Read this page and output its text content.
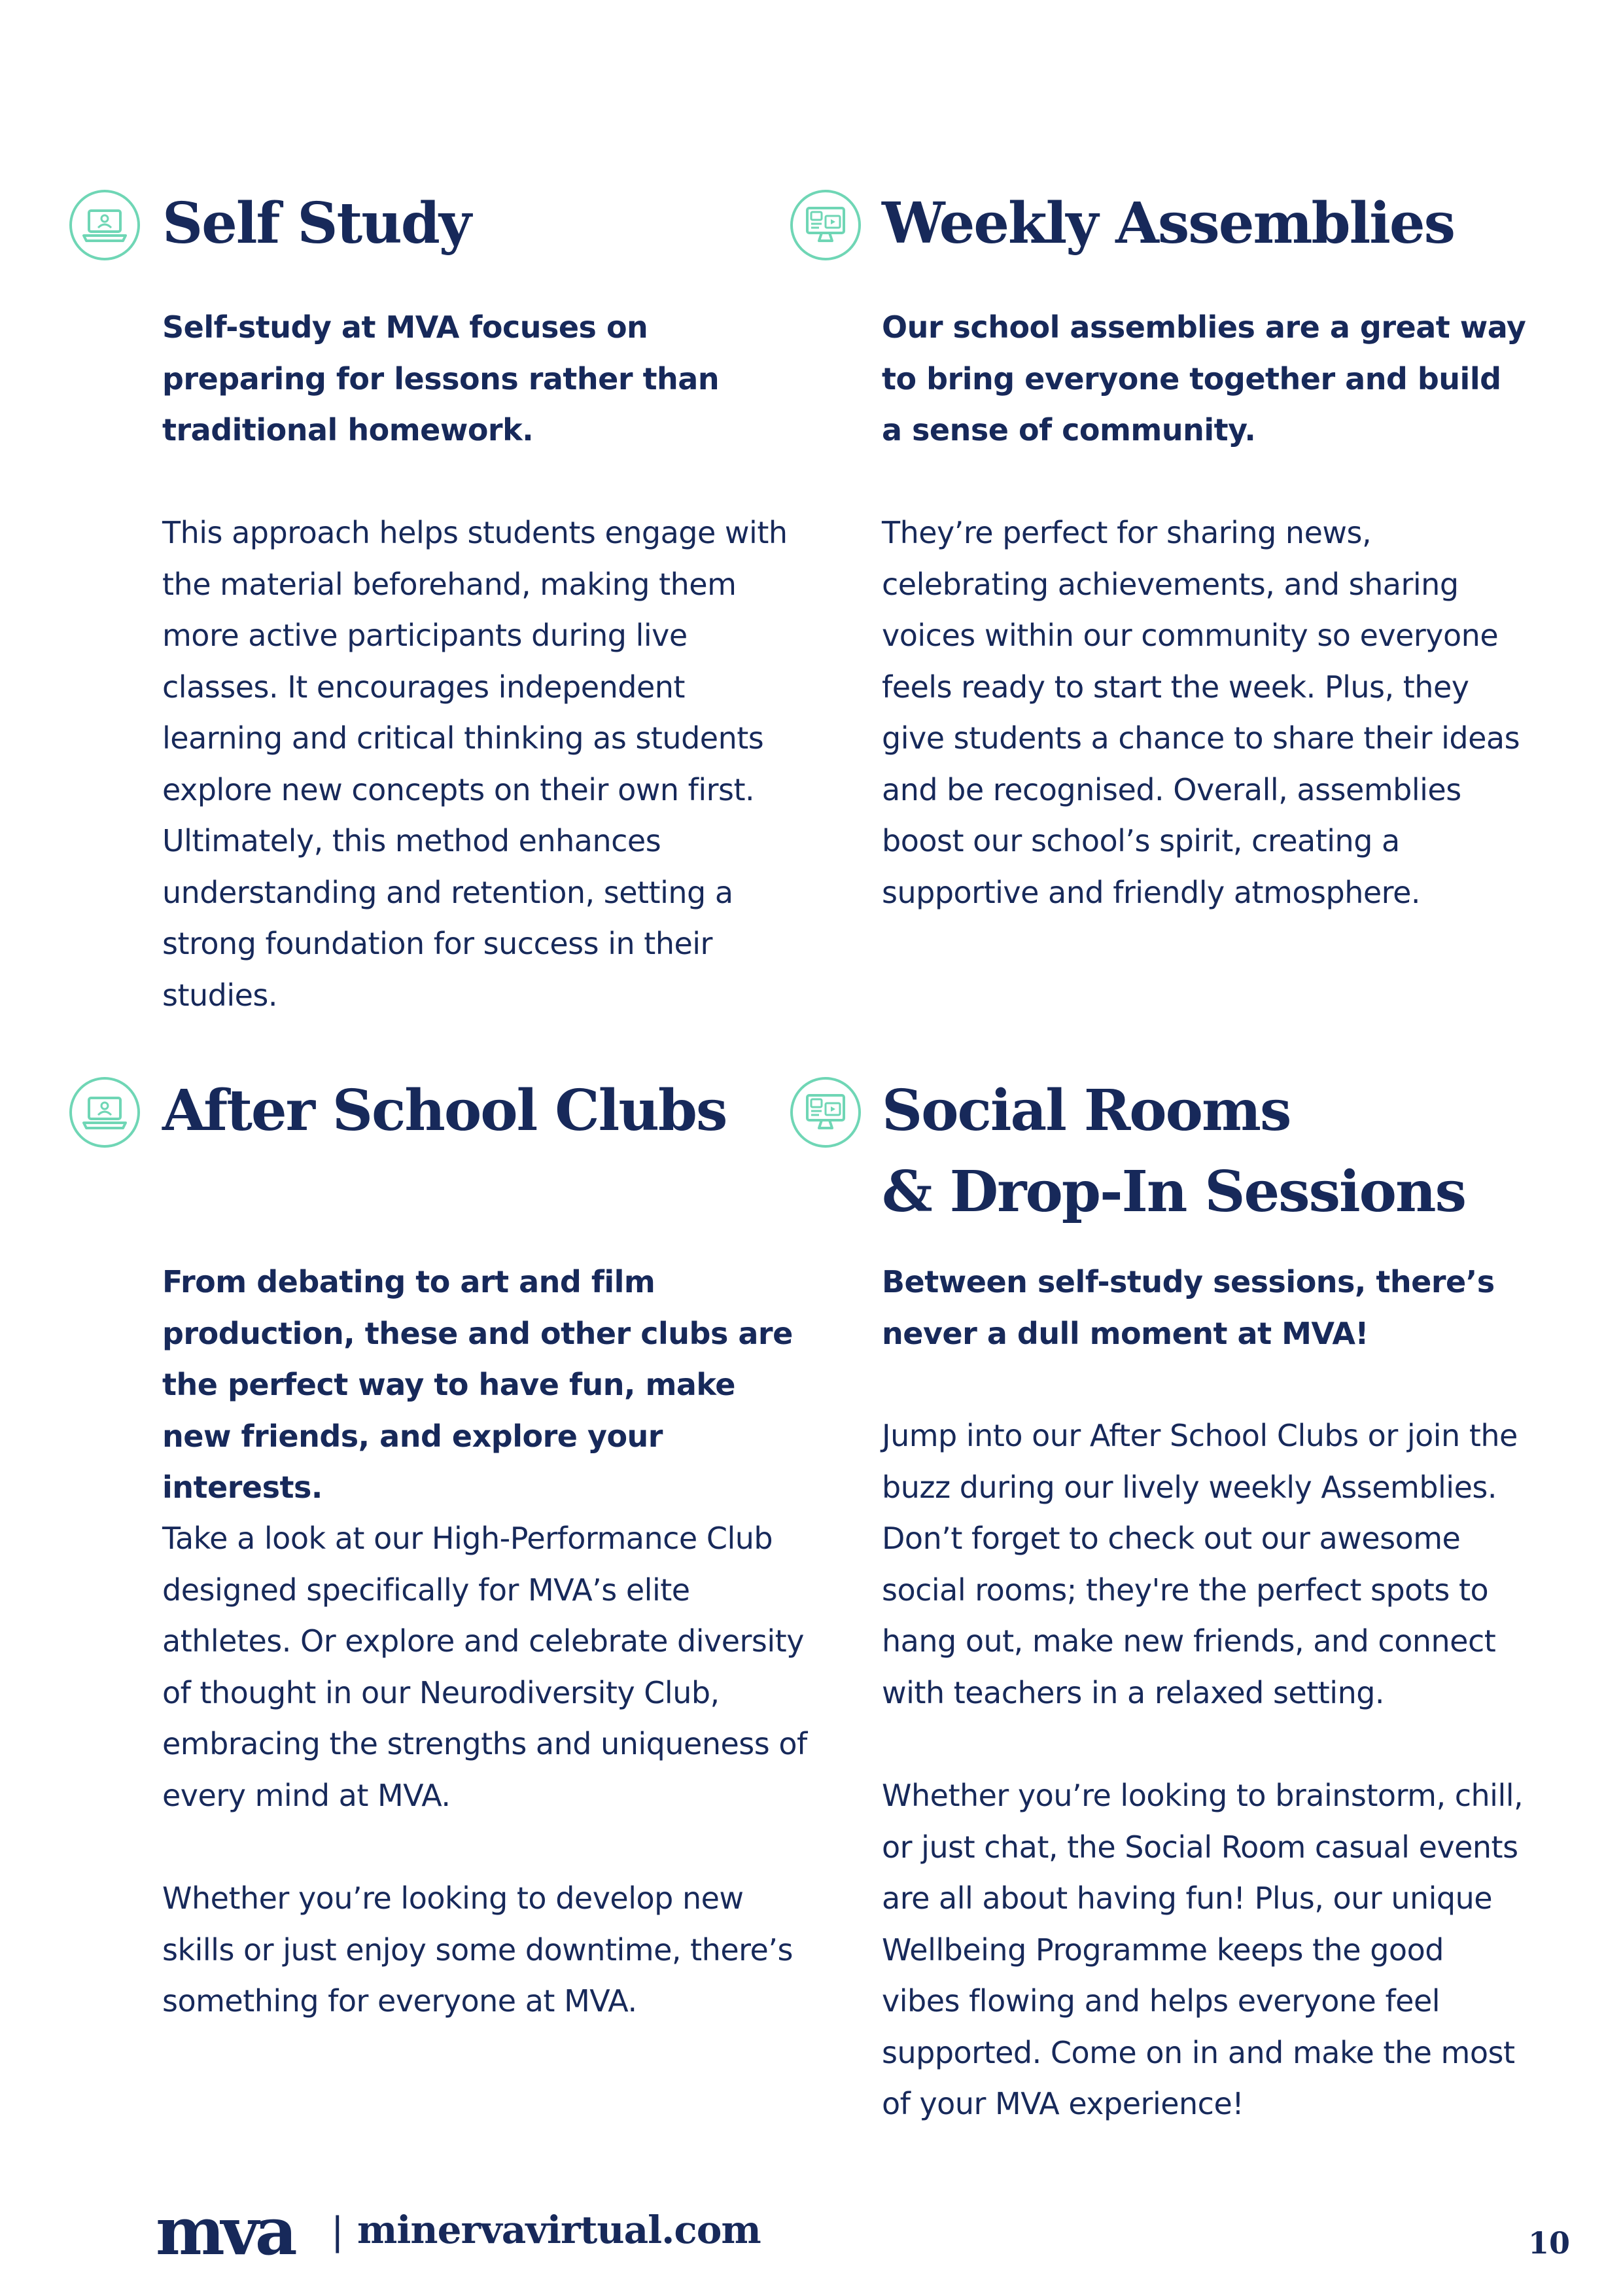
Self Study

Self-study at MVA focuses on preparing for lessons rather than traditional homework.

This approach helps students engage with the material beforehand, making them more active participants during live classes. It encourages independent learning and critical thinking as students explore new concepts on their own first. Ultimately, this method enhances understanding and retention, setting a strong foundation for success in their studies.

Weekly Assemblies

Our school assemblies are a great way to bring everyone together and build a sense of community.

They’re perfect for sharing news, celebrating achievements, and sharing voices within our community so everyone feels ready to start the week. Plus, they give students a chance to share their ideas and be recognised. Overall, assemblies boost our school’s spirit, creating a supportive and friendly atmosphere.

After School Clubs

From debating to art and film production, these and other clubs are the perfect way to have fun, make new friends, and explore your interests.

Take a look at our High-Performance Club designed specifically for MVA’s elite athletes. Or explore and celebrate diversity of thought in our Neurodiversity Club, embracing the strengths and uniqueness of every mind at MVA.

Whether you’re looking to develop new skills or just enjoy some downtime, there’s something for everyone at MVA.

Social Rooms
& Drop-In Sessions

Between self-study sessions, there’s never a dull moment at MVA!

Jump into our After School Clubs or join the buzz during our lively weekly Assemblies. Don’t forget to check out our awesome social rooms; they're the perfect spots to hang out, make new friends, and connect with teachers in a relaxed setting.

Whether you’re looking to brainstorm, chill, or just chat, the Social Room casual events are all about having fun! Plus, our unique Wellbeing Programme keeps the good vibes flowing and helps everyone feel supported. Come on in and make the most of your MVA experience!

mva | minervavirtual.com	10
